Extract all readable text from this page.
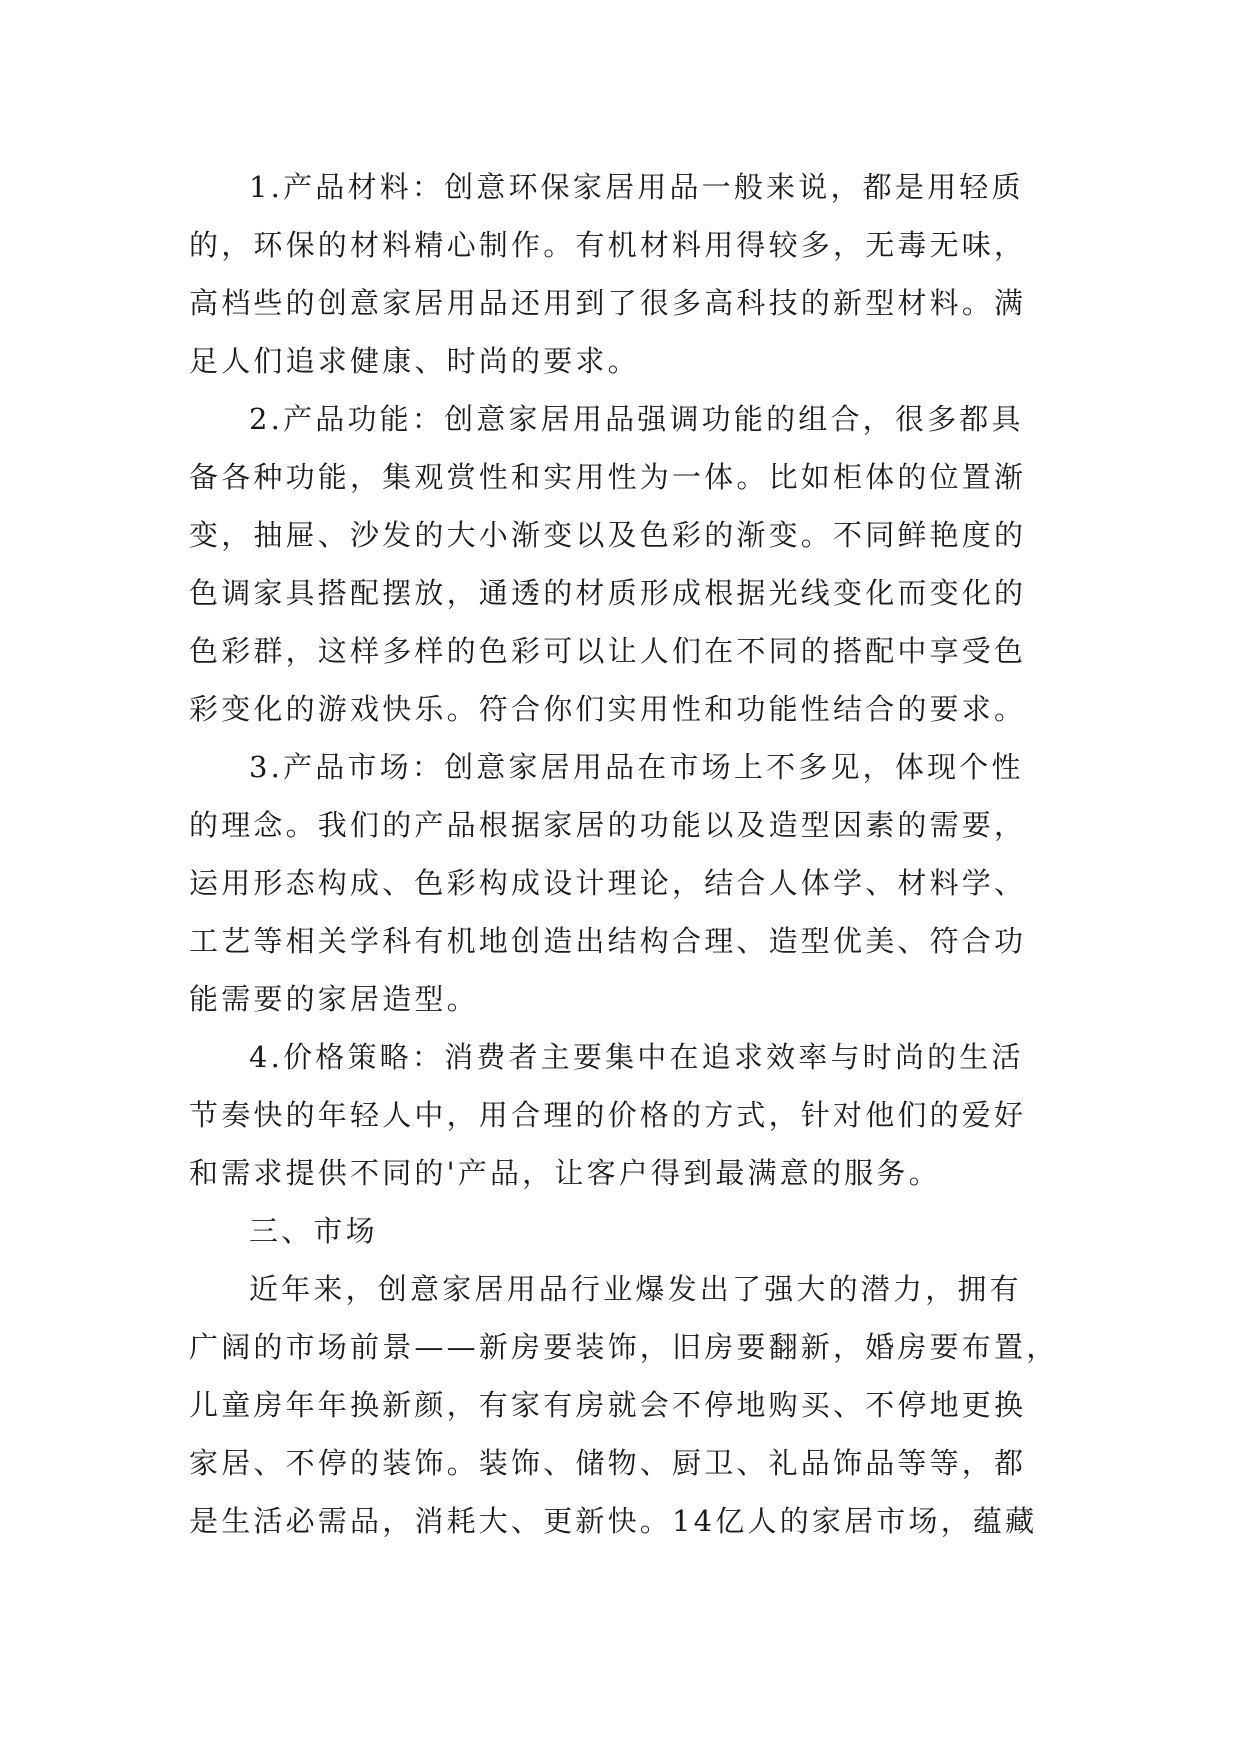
1.产品材料：创意环保家居用品一般来说，都是用轻质
的，环保的材料精心制作。有机材料用得较多，无毒无味，
高档些的创意家居用品还用到了很多高科技的新型材料。满
足人们追求健康、时尚的要求。
2.产品功能：创意家居用品强调功能的组合，很多都具
备各种功能，集观赏性和实用性为一体。比如柜体的位置渐
变，抽屉、沙发的大小渐变以及色彩的渐变。不同鲜艳度的
色调家具搭配摆放，通透的材质形成根据光线变化而变化的
色彩群，这样多样的色彩可以让人们在不同的搭配中享受色
彩变化的游戏快乐。符合你们实用性和功能性结合的要求。
3.产品市场：创意家居用品在市场上不多见，体现个性
的理念。我们的产品根据家居的功能以及造型因素的需要，
运用形态构成、色彩构成设计理论，结合人体学、材料学、
工艺等相关学科有机地创造出结构合理、造型优美、符合功
能需要的家居造型。
4.价格策略：消费者主要集中在追求效率与时尚的生活
节奏快的年轻人中，用合理的价格的方式，针对他们的爱好
和需求提供不同的'产品，让客户得到最满意的服务。
三、市场
近年来，创意家居用品行业爆发出了强大的潜力，拥有
广阔的市场前景——新房要装饰，旧房要翻新，婚房要布置，
儿童房年年换新颜，有家有房就会不停地购买、不停地更换
家居、不停的装饰。装饰、储物、厨卫、礼品饰品等等，都
是生活必需品，消耗大、更新快。14亿人的家居市场，蕴藏
